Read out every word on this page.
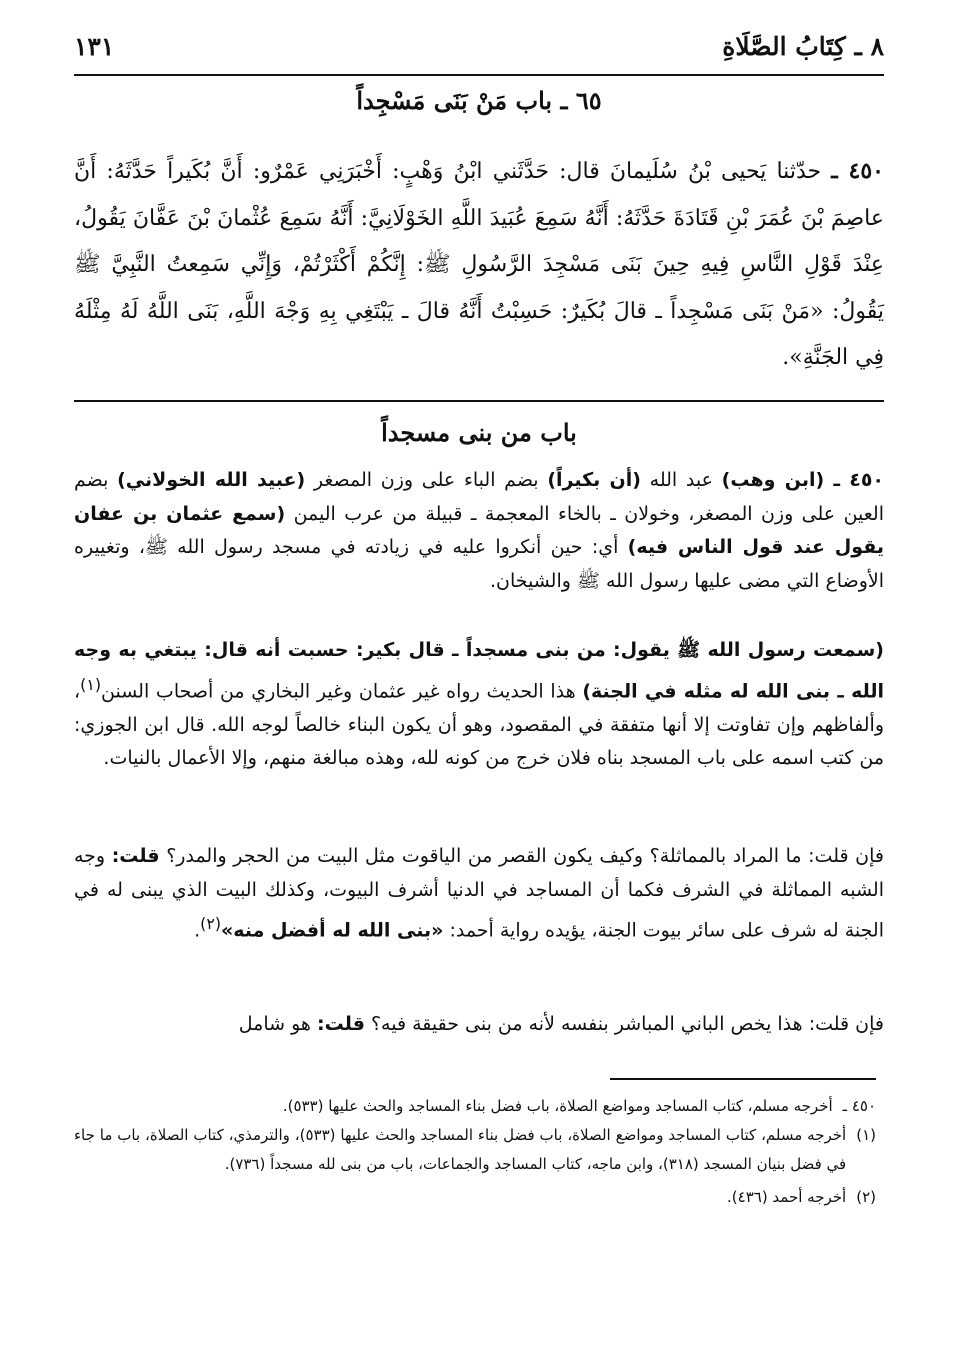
٨ ـ كِتَابُ الصَّلَاةِ
١٣١
٦٥ ـ باب مَنْ بَنَى مَسْجِداً
٤٥٠ ـ حدّثنا يَحيى بْنُ سُلَيمانَ قال: حَدَّثَني ابْنُ وَهْبٍ: أَخْبَرَنِي عَمْرٌو: أَنَّ بُكَيراً حَدَّثَهُ: أَنَّ عاصِمَ بْنَ عُمَرَ بْنِ قَتَادَةَ حَدَّثَهُ: أَنَّهُ سَمِعَ عُبَيدَ اللَّهِ الخَوْلَانِيَّ: أَنَّهُ سَمِعَ عُثْمانَ بْنَ عَفَّانَ يَقُولُ، عِنْدَ قَوْلِ النَّاسِ فِيهِ حِينَ بَنَى مَسْجِدَ الرَّسُولِ ﷺ: إِنَّكُمْ أَكْثَرْتُمْ، وَإِنِّي سَمِعتُ النَّبِيَّ ﷺ يَقُولُ: «مَنْ بَنَى مَسْجِداً ـ قالَ بُكَيرٌ: حَسِبْتُ أَنَّهُ قالَ ـ يَبْتَغِي بِهِ وَجْهَ اللَّهِ، بَنَى اللَّهُ لَهُ مِثْلَهُ فِي الجَنَّةِ».
باب من بنى مسجداً

٤٥٠ ـ (ابن وهب) عبد الله (أن بكيراً) بضم الباء على وزن المصغر (عبيد الله الخولاني) بضم العين على وزن المصغر، وخولان ـ بالخاء المعجمة ـ قبيلة من عرب اليمن (سمع عثمان بن عفان يقول عند قول الناس فيه) أي: حين أنكروا عليه في زيادته في مسجد رسول الله ﷺ، وتغييره الأوضاع التي مضى عليها رسول الله ﷺ والشيخان.

(سمعت رسول الله ﷺ يقول: من بنى مسجداً ـ قال بكير: حسبت أنه قال: يبتغي به وجه الله ـ بنى الله له مثله في الجنة) هذا الحديث رواه غير عثمان وغير البخاري من أصحاب السنن$^{(١)}$، وألفاظهم وإن تفاوتت إلا أنها متفقة في المقصود، وهو أن يكون البناء خالصاً لوجه الله. قال ابن الجوزي: من كتب اسمه على باب المسجد بناه فلان خرج من كونه لله، وهذه مبالغة منهم، وإلا الأعمال بالنيات.

فإن قلت: ما المراد بالمماثلة؟ وكيف يكون القصر من الياقوت مثل البيت من الحجر والمدر؟ قلت: وجه الشبه المماثلة في الشرف فكما أن المساجد في الدنيا أشرف البيوت، وكذلك البيت الذي يبنى له في الجنة له شرف على سائر بيوت الجنة، يؤيده رواية أحمد: «بنى الله له أفضل منه»$^{(٢)}$.

فإن قلت: هذا يخص الباني المباشر بنفسه لأنه من بنى حقيقة فيه؟ قلت: هو شامل

٤٥٠ ـ
أخرجه مسلم، كتاب المساجد ومواضع الصلاة، باب فضل بناء المساجد والحث عليها (٥٣٣).

(١)
أخرجه مسلم، كتاب المساجد ومواضع الصلاة، باب فضل بناء المساجد والحث عليها (٥٣٣)، والترمذي، كتاب الصلاة، باب ما جاء في فضل بنيان المسجد (٣١٨)، وابن ماجه، كتاب المساجد والجماعات، باب من بنى لله مسجداً (٧٣٦).

(٢)
أخرجه أحمد (٤٣٦).
